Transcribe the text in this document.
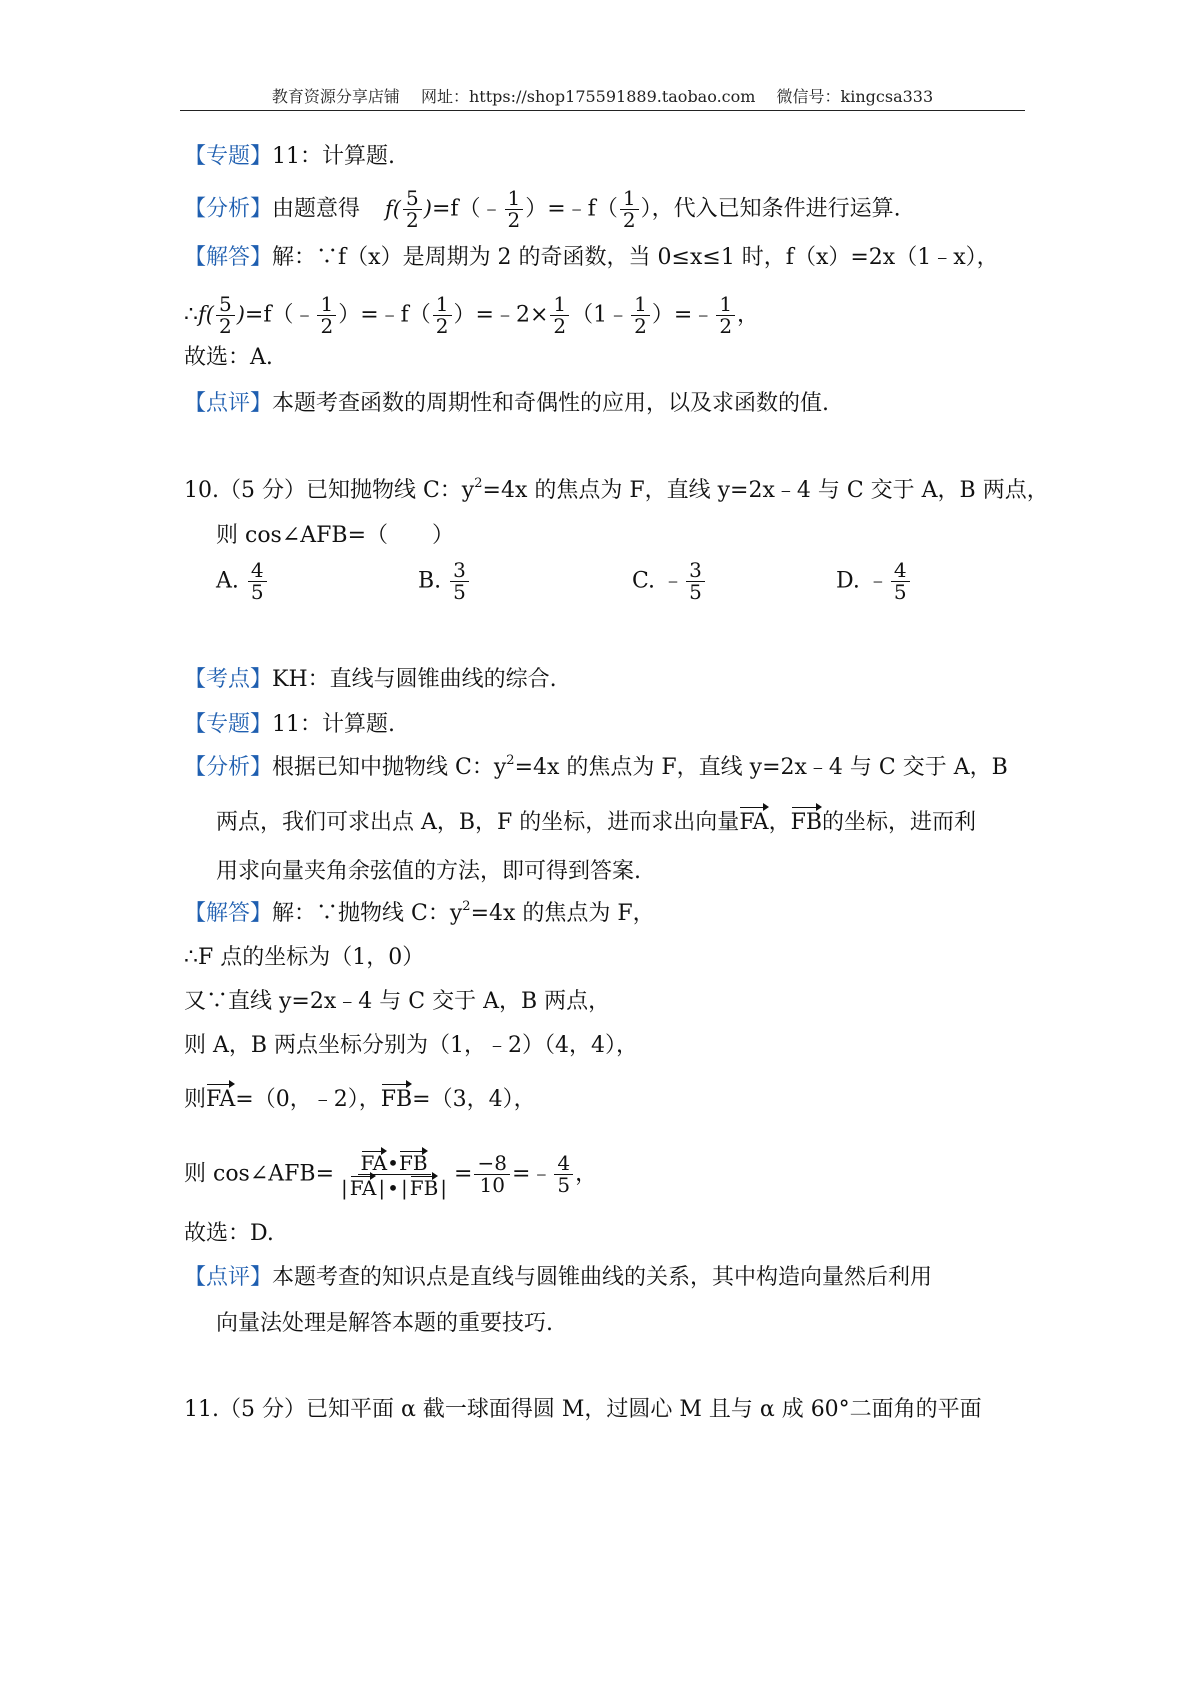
教育资源分享店铺 网址：https://shop175591889.taobao.com 微信号：kingcsa333
【专题】11：计算题.
【分析】由题意得 $f( \frac{5}{2}$ )=f（﹣ $\frac{1}{2}$ ）=﹣f（ $\frac{1}{2}$ ），代入已知条件进行运算.
【解答】解：∵f（x）是周期为 2 的奇函数，当 0≤x≤1 时，f（x）=2x（1﹣x），
∴f( $\frac{5}{2}$ )=f（﹣ $\frac{1}{2}$ ）=﹣f（ $\frac{1}{2}$ ）=﹣2× $\frac{1}{2}$ （1﹣ $\frac{1}{2}$ ）=﹣ $\frac{1}{2}$ ，
故选：A.
【点评】本题考查函数的周期性和奇偶性的应用，以及求函数的值.
10.（5 分）已知抛物线 C：$y^2=4x$ 的焦点为 F，直线 y=2x﹣4 与 C 交于 A，B 两点，
则 cos∠AFB=（　　）
A. $\frac{4}{5}$	B. $\frac{3}{5}$	C. ﹣ $\frac{3}{5}$	D. ﹣ $\frac{4}{5}$
【考点】KH：直线与圆锥曲线的综合.
【专题】11：计算题.
【分析】根据已知中抛物线 C：$y^2=4x$ 的焦点为 F，直线 y=2x﹣4 与 C 交于 A，B
两点，我们可求出点 A，B，F 的坐标，进而求出向量FA，FB的坐标，进而利
用求向量夹角余弦值的方法，即可得到答案.
【解答】解：∵抛物线 C：$y^2=4x$ 的焦点为 F，
∴F 点的坐标为（1，0）
又∵直线 y=2x﹣4 与 C 交于 A，B 两点，
则 A，B 两点坐标分别为（1，﹣2）（4，4），
则FA=（0，﹣2），FB=（3，4），
则 cos∠AFB= $\frac{FA•FB}{| FA | • | FB |} = \frac{-8}{10}$ =﹣ $\frac{4}{5}$ ，
故选：D.
【点评】本题考查的知识点是直线与圆锥曲线的关系，其中构造向量然后利用
向量法处理是解答本题的重要技巧.
11.（5 分）已知平面 α 截一球面得圆 M，过圆心 M 且与 α 成 60°二面角的平面
